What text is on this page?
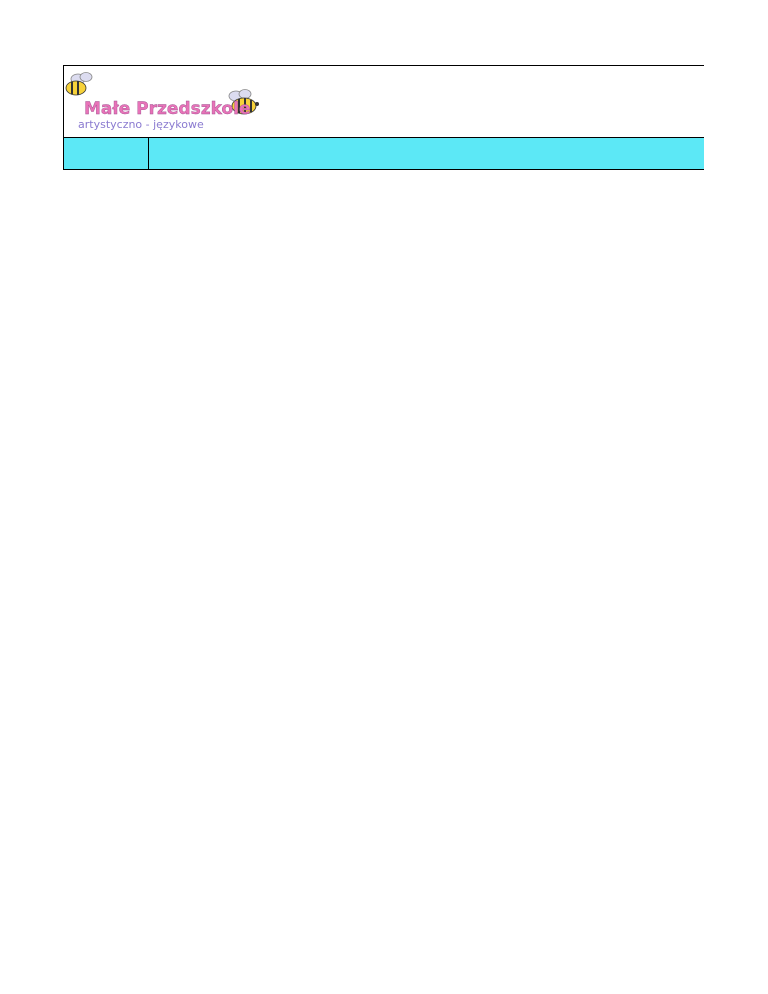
Małe Przedszkole
artystyczno - językowe
